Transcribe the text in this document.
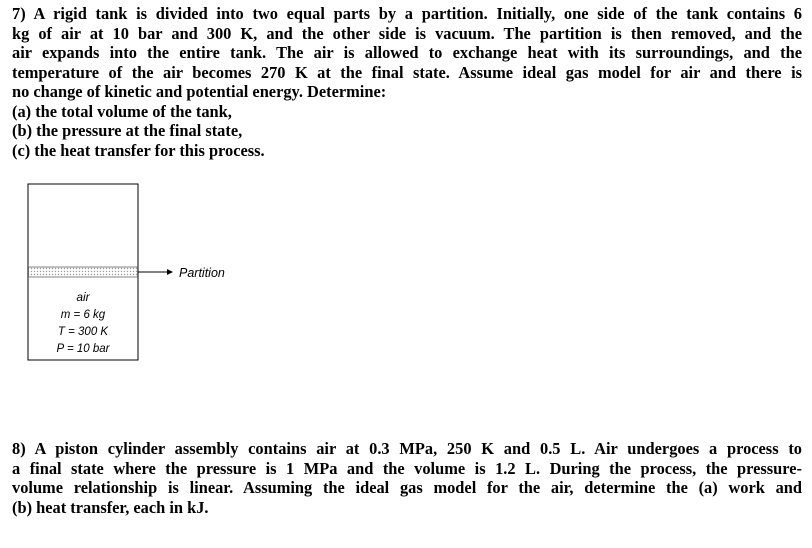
7) A rigid tank is divided into two equal parts by a partition. Initially, one side of the tank contains 6
kg of air at 10 bar and 300 K, and the other side is vacuum. The partition is then removed, and the
air expands into the entire tank. The air is allowed to exchange heat with its surroundings, and the
temperature of the air becomes 270 K at the final state. Assume ideal gas model for air and there is
no change of kinetic and potential energy. Determine:
(a) the total volume of the tank,
(b) the pressure at the final state,
(c) the heat transfer for this process.
Partition
air
m = 6 kg
T = 300 K
P = 10 bar
8) A piston cylinder assembly contains air at 0.3 MPa, 250 K and 0.5 L. Air undergoes a process to
a final state where the pressure is 1 MPa and the volume is 1.2 L. During the process, the pressure-
volume relationship is linear. Assuming the ideal gas model for the air, determine the (a) work and
(b) heat transfer, each in kJ.
